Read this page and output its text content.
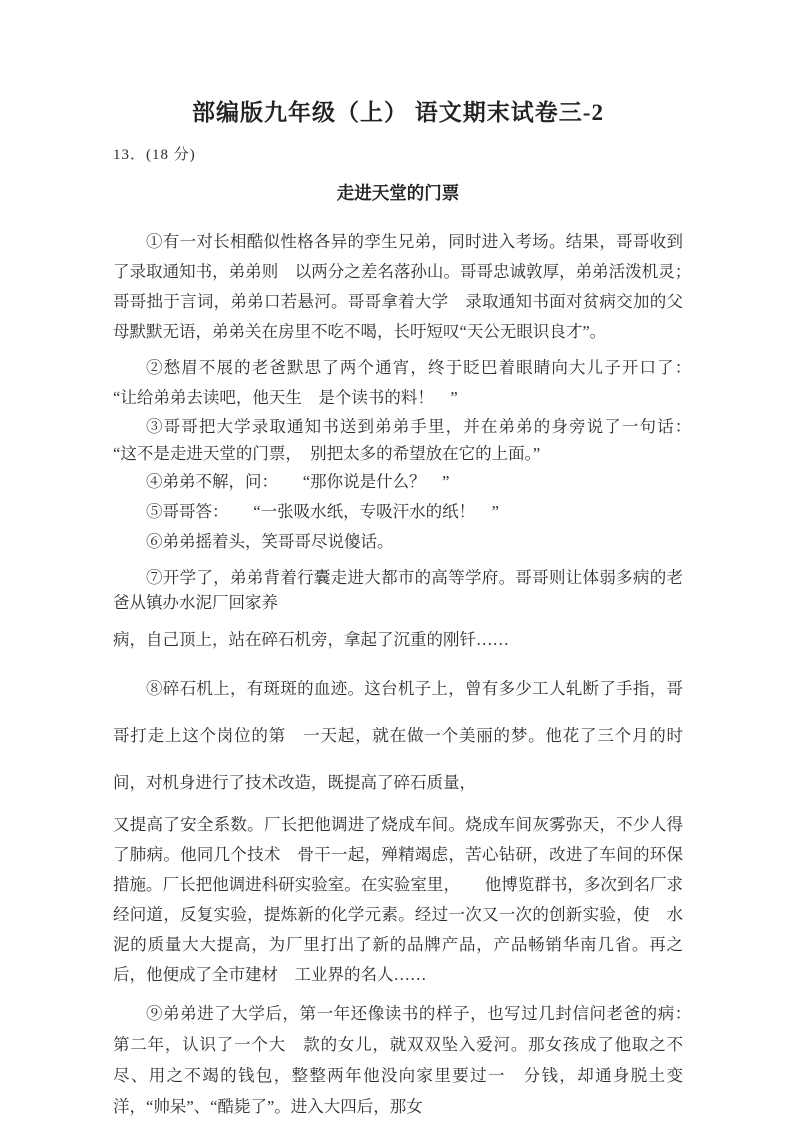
部编版九年级（上） 语文期末试卷三-2
13．(18 分)
走进天堂的门票

①有一对长相酷似性格各异的孪生兄弟，同时进入考场。结果，哥哥收到了录取通知书，弟弟则　以两分之差名落孙山。哥哥忠诚敦厚，弟弟活泼机灵；　　哥哥拙于言词，弟弟口若悬河。哥哥拿着大学　录取通知书面对贫病交加的父母默默无语，弟弟关在房里不吃不喝，长吁短叹“天公无眼识良才”。

②愁眉不展的老爸默思了两个通宵，终于眨巴着眼睛向大儿子开口了：　　“让给弟弟去读吧，他天生　是个读书的料！　”

③哥哥把大学录取通知书送到弟弟手里，并在弟弟的身旁说了一句话：　　“这不是走进天堂的门票，　别把太多的希望放在它的上面。”

④弟弟不解，问：　　“那你说是什么？　”

⑤哥哥答：　　“一张吸水纸，专吸汗水的纸！　”

⑥弟弟摇着头，笑哥哥尽说傻话。

⑦开学了，弟弟背着行囊走进大都市的高等学府。哥哥则让体弱多病的老爸从镇办水泥厂回家养

病，自己顶上，站在碎石机旁，拿起了沉重的刚钎……

⑧碎石机上，有斑斑的血迹。这台机子上，曾有多少工人轧断了手指，哥哥打走上这个岗位的第　一天起，就在做一个美丽的梦。他花了三个月的时间，对机身进行了技术改造，既提高了碎石质量，

又提高了安全系数。厂长把他调进了烧成车间。烧成车间灰雾弥天，不少人得了肺病。他同几个技术　骨干一起，殚精竭虑，苦心钻研，改进了车间的环保措施。厂长把他调进科研实验室。在实验室里，　　他博览群书，多次到名厂求经问道，反复实验，提炼新的化学元素。经过一次又一次的创新实验，使　水泥的质量大大提高，为厂里打出了新的品牌产品，产品畅销华南几省。再之后，他便成了全市建材　工业界的名人……

⑨弟弟进了大学后，第一年还像读书的样子，也写过几封信问老爸的病：　　第二年，认识了一个大　款的女儿，就双双坠入爱河。那女孩成了他取之不尽、用之不竭的钱包，整整两年他没向家里要过一　分钱，却通身脱土变洋，“帅呆”、“酷毙了”。进入大四后，那女
